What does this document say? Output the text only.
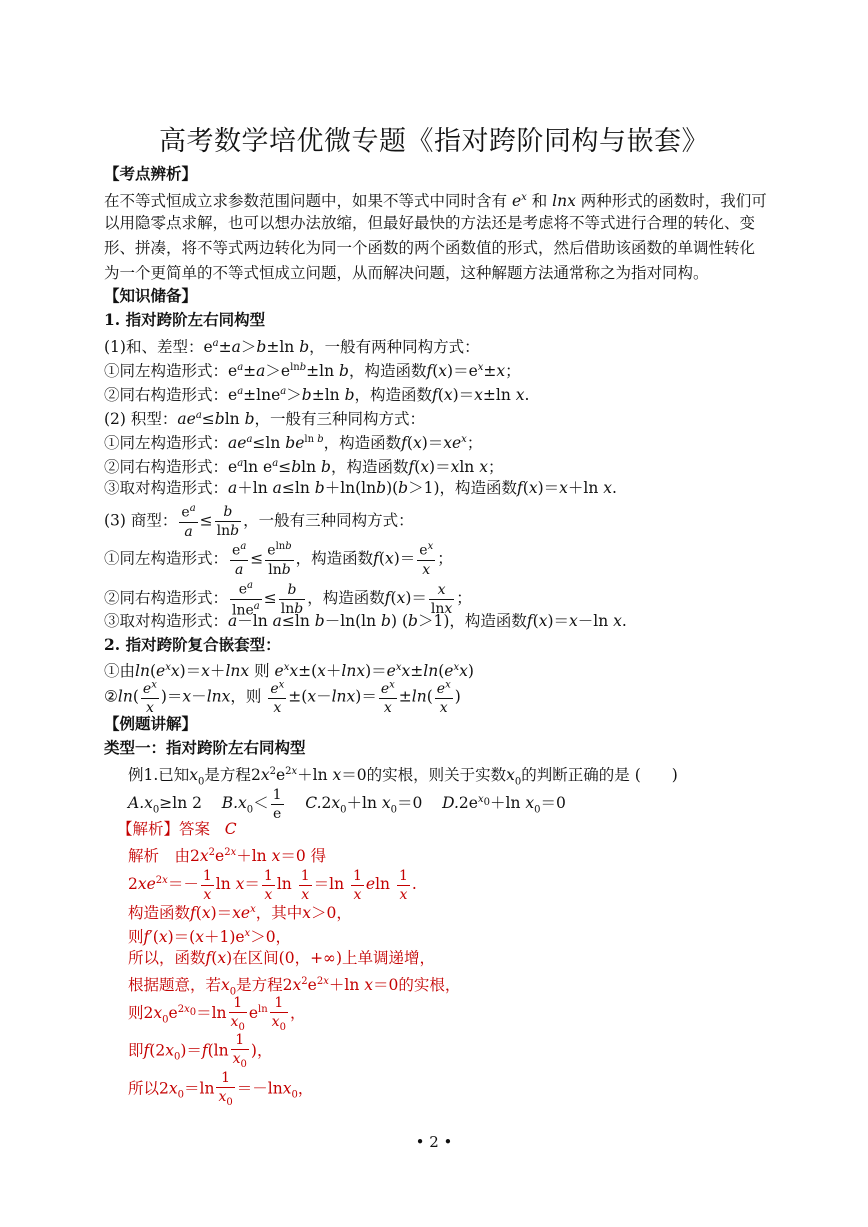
高考数学培优微专题《指对跨阶同构与嵌套》
【考点辨析】
在不等式恒成立求参数范围问题中，如果不等式中同时含有 $e^x$ 和 lnx 两种形式的函数时，我们可
以用隐零点求解，也可以想办法放缩，但最好最快的方法还是考虑将不等式进行合理的转化、变
形、拼凑，将不等式两边转化为同一个函数的两个函数值的形式，然后借助该函数的单调性转化
为一个更简单的不等式恒成立问题，从而解决问题，这种解题方法通常称之为指对同构。
【知识储备】
1. 指对跨阶左右同构型
(1)和、差型：$e^a\pm a>b\pm\ln$ b，一般有两种同构方式：
①同左构造形式：$e^a\pm a>e^{lnb}\pm\ln$ b，构造函数$f(x)=e^x\pm x$；
②同右构造形式：$e^a\pm\ln e^a>b\pm\ln$ b，构造函数f(x)＝x±ln x.
(2) 积型：$ae^a\le bln$ b，一般有三种同构方式：
①同左构造形式：$ae^a\le\ln$ $be^{ln b}$，构造函数$f(x)=xe^x$；
②同右构造形式：$e^a\ln$ $e^a\le bln$ b，构造函数f(x)＝xln x；
③取对构造形式：a＋ln a≤ln b＋ln(lnb)(b＞1)，构造函数f(x)＝x＋ln x.
(3) 商型： $\frac{e^a}{a} \le \frac{b}{\ln b}$ ，一般有三种同构方式：
①同左构造形式： $\frac{e^a}{a} \le \frac{e^{lnb}}{\ln b}$ ，构造函数$f(x)= \frac{e^x}{x}$ ；
②同右构造形式： $\frac{e^a}{\ln e^a} \le \frac{b}{\ln b}$ ，构造函数$f(x)= \frac{x}{\ln x}$ ；
③取对构造形式：a－ln a≤ln b－ln(ln b) (b＞1)，构造函数f(x)＝x－ln x.
2. 指对跨阶复合嵌套型：
①由$\ln(e^xx)=x+\ln x$ 则 $e^xx\pm(x+\ln x)=e^xx\pm\ln(e^xx)$
②ln( $\frac{e^x}{x} )=x-\ln x$，则 $\frac{e^x}{x} \pm(x-\ln x)= \frac{e^x}{x} \pm\ln( \frac{e^x}{x}$ )
【例题讲解】
类型一：指对跨阶左右同构型
例1.已知$x_0$是方程$2x^2e^{2x}+\ln$ x＝0的实根，则关于实数$x_0$的判断正确的是 (　　)
$A.x_0\ge\ln$ 2    $B.x_0< \frac{1}{e} C.2x_0+\ln$ $x_0=0$    $D.2e^{x_0}+\ln$ $x_0=0$
【解析】答案 C
解析　由$2x^2e^{2x}+\ln$ x＝0 得
$2xe^{2x}=- \frac{1}{x}$ $\ln x= \frac{1}{x}$ $\ln \frac{1}{x} =\ln \frac{1}{x}$ eln $\frac{1}{x}$ .
构造函数$f(x)=xe^x$，其中x＞0，
则$f'(x)=(x+1)e^x>0$，
所以，函数f(x)在区间(0，+∞)上单调递增，
根据题意，若$x_0$是方程$2x^2e^{2x}+\ln$ x＝0的实根，
则$2x_0e^{2x_0}=\ln \frac{1}{x_0} e^{ln} \frac{1}{x_0}$ ，
即$f(2x_0)=f(\ln \frac{1}{x_0}$ )，
所以$2x_0=\ln \frac{1}{x_0} =-\ln x_0$，
• 2 •
